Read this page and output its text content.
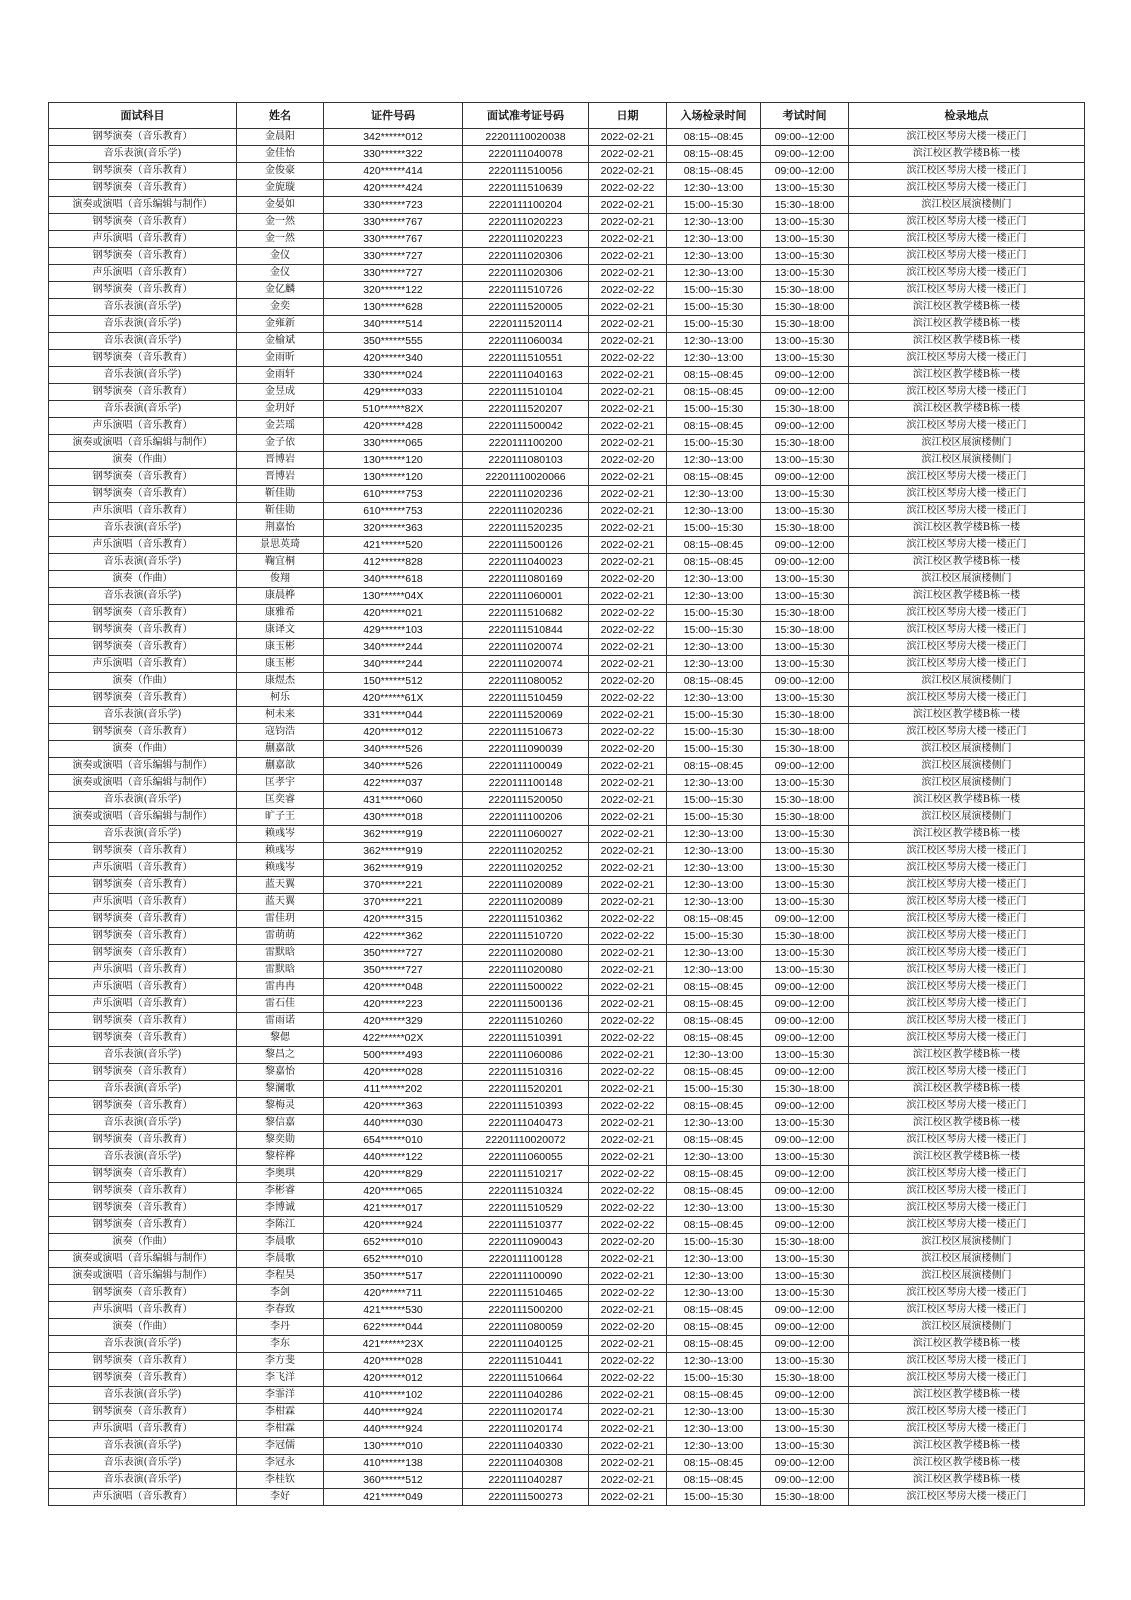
面试科目	姓名	证件号码	面试准考证号码	日期	入场检录时间	考试时间	检录地点
钢琴演奏（音乐教育）	金晨阳	342******012	22201110020038	2022-02-21	08:15--08:45	09:00--12:00	滨江校区琴房大楼一楼正门
音乐表演(音乐学)	金佳怡	330******322	2220111040078	2022-02-21	08:15--08:45	09:00--12:00	滨江校区教学楼B栋一楼
钢琴演奏（音乐教育）	金俊豪	420******414	2220111510056	2022-02-21	08:15--08:45	09:00--12:00	滨江校区琴房大楼一楼正门
钢琴演奏（音乐教育）	金旎璇	420******424	2220111510639	2022-02-22	12:30--13:00	13:00--15:30	滨江校区琴房大楼一楼正门
演奏或演唱（音乐编辑与制作）	金晏如	330******723	2220111100204	2022-02-21	15:00--15:30	15:30--18:00	滨江校区展演楼侧门
钢琴演奏（音乐教育）	金一然	330******767	2220111020223	2022-02-21	12:30--13:00	13:00--15:30	滨江校区琴房大楼一楼正门
声乐演唱（音乐教育）	金一然	330******767	2220111020223	2022-02-21	12:30--13:00	13:00--15:30	滨江校区琴房大楼一楼正门
钢琴演奏（音乐教育）	金仪	330******727	2220111020306	2022-02-21	12:30--13:00	13:00--15:30	滨江校区琴房大楼一楼正门
声乐演唱（音乐教育）	金仪	330******727	2220111020306	2022-02-21	12:30--13:00	13:00--15:30	滨江校区琴房大楼一楼正门
钢琴演奏（音乐教育）	金亿麟	320******122	2220111510726	2022-02-22	15:00--15:30	15:30--18:00	滨江校区琴房大楼一楼正门
音乐表演(音乐学)	金奕	130******628	2220111520005	2022-02-21	15:00--15:30	15:30--18:00	滨江校区教学楼B栋一楼
音乐表演(音乐学)	金雍新	340******514	2220111520114	2022-02-21	15:00--15:30	15:30--18:00	滨江校区教学楼B栋一楼
音乐表演(音乐学)	金榆斌	350******555	2220111060034	2022-02-21	12:30--13:00	13:00--15:30	滨江校区教学楼B栋一楼
钢琴演奏（音乐教育）	金雨昕	420******340	2220111510551	2022-02-22	12:30--13:00	13:00--15:30	滨江校区琴房大楼一楼正门
音乐表演(音乐学)	金雨轩	330******024	2220111040163	2022-02-21	08:15--08:45	09:00--12:00	滨江校区教学楼B栋一楼
钢琴演奏（音乐教育）	金昱成	429******033	2220111510104	2022-02-21	08:15--08:45	09:00--12:00	滨江校区琴房大楼一楼正门
音乐表演(音乐学)	金玥妤	510******82X	2220111520207	2022-02-21	15:00--15:30	15:30--18:00	滨江校区教学楼B栋一楼
声乐演唱（音乐教育）	金芸瑶	420******428	2220111500042	2022-02-21	08:15--08:45	09:00--12:00	滨江校区琴房大楼一楼正门
演奏或演唱（音乐编辑与制作）	金子依	330******065	2220111100200	2022-02-21	15:00--15:30	15:30--18:00	滨江校区展演楼侧门
演奏（作曲）	晋博岩	130******120	2220111080103	2022-02-20	12:30--13:00	13:00--15:30	滨江校区展演楼侧门
钢琴演奏（音乐教育）	晋博岩	130******120	22201110020066	2022-02-21	08:15--08:45	09:00--12:00	滨江校区琴房大楼一楼正门
钢琴演奏（音乐教育）	靳佳勋	610******753	2220111020236	2022-02-21	12:30--13:00	13:00--15:30	滨江校区琴房大楼一楼正门
声乐演唱（音乐教育）	靳佳勋	610******753	2220111020236	2022-02-21	12:30--13:00	13:00--15:30	滨江校区琴房大楼一楼正门
音乐表演(音乐学)	荆嘉怡	320******363	2220111520235	2022-02-21	15:00--15:30	15:30--18:00	滨江校区教学楼B栋一楼
声乐演唱（音乐教育）	景思英琦	421******520	2220111500126	2022-02-21	08:15--08:45	09:00--12:00	滨江校区琴房大楼一楼正门
音乐表演(音乐学)	鞠宜桐	412******828	2220111040023	2022-02-21	08:15--08:45	09:00--12:00	滨江校区教学楼B栋一楼
演奏（作曲）	俊翔	340******618	2220111080169	2022-02-20	12:30--13:00	13:00--15:30	滨江校区展演楼侧门
音乐表演(音乐学)	康晨桦	130******04X	2220111060001	2022-02-21	12:30--13:00	13:00--15:30	滨江校区教学楼B栋一楼
钢琴演奏（音乐教育）	康雅希	420******021	2220111510682	2022-02-22	15:00--15:30	15:30--18:00	滨江校区琴房大楼一楼正门
钢琴演奏（音乐教育）	康译文	429******103	2220111510844	2022-02-22	15:00--15:30	15:30--18:00	滨江校区琴房大楼一楼正门
钢琴演奏（音乐教育）	康玉彬	340******244	2220111020074	2022-02-21	12:30--13:00	13:00--15:30	滨江校区琴房大楼一楼正门
声乐演唱（音乐教育）	康玉彬	340******244	2220111020074	2022-02-21	12:30--13:00	13:00--15:30	滨江校区琴房大楼一楼正门
演奏（作曲）	康煜杰	150******512	2220111080052	2022-02-20	08:15--08:45	09:00--12:00	滨江校区展演楼侧门
钢琴演奏（音乐教育）	柯乐	420******61X	2220111510459	2022-02-22	12:30--13:00	13:00--15:30	滨江校区琴房大楼一楼正门
音乐表演(音乐学)	柯未来	331******044	2220111520069	2022-02-21	15:00--15:30	15:30--18:00	滨江校区教学楼B栋一楼
钢琴演奏（音乐教育）	寇钧浩	420******012	2220111510673	2022-02-22	15:00--15:30	15:30--18:00	滨江校区琴房大楼一楼正门
演奏（作曲）	蒯嘉歆	340******526	2220111090039	2022-02-20	15:00--15:30	15:30--18:00	滨江校区展演楼侧门
演奏或演唱（音乐编辑与制作）	蒯嘉歆	340******526	2220111100049	2022-02-21	08:15--08:45	09:00--12:00	滨江校区展演楼侧门
演奏或演唱（音乐编辑与制作）	匡孝宇	422******037	2220111100148	2022-02-21	12:30--13:00	13:00--15:30	滨江校区展演楼侧门
音乐表演(音乐学)	匡奕睿	431******060	2220111520050	2022-02-21	15:00--15:30	15:30--18:00	滨江校区教学楼B栋一楼
演奏或演唱（音乐编辑与制作）	旷子王	430******018	2220111100206	2022-02-21	15:00--15:30	15:30--18:00	滨江校区展演楼侧门
音乐表演(音乐学)	赖彧岑	362******919	2220111060027	2022-02-21	12:30--13:00	13:00--15:30	滨江校区教学楼B栋一楼
钢琴演奏（音乐教育）	赖彧岑	362******919	2220111020252	2022-02-21	12:30--13:00	13:00--15:30	滨江校区琴房大楼一楼正门
声乐演唱（音乐教育）	赖彧岑	362******919	2220111020252	2022-02-21	12:30--13:00	13:00--15:30	滨江校区琴房大楼一楼正门
钢琴演奏（音乐教育）	蓝天翼	370******221	2220111020089	2022-02-21	12:30--13:00	13:00--15:30	滨江校区琴房大楼一楼正门
声乐演唱（音乐教育）	蓝天翼	370******221	2220111020089	2022-02-21	12:30--13:00	13:00--15:30	滨江校区琴房大楼一楼正门
钢琴演奏（音乐教育）	雷佳玥	420******315	2220111510362	2022-02-22	08:15--08:45	09:00--12:00	滨江校区琴房大楼一楼正门
钢琴演奏（音乐教育）	雷萌萌	422******362	2220111510720	2022-02-22	15:00--15:30	15:30--18:00	滨江校区琴房大楼一楼正门
钢琴演奏（音乐教育）	雷默晗	350******727	2220111020080	2022-02-21	12:30--13:00	13:00--15:30	滨江校区琴房大楼一楼正门
声乐演唱（音乐教育）	雷默晗	350******727	2220111020080	2022-02-21	12:30--13:00	13:00--15:30	滨江校区琴房大楼一楼正门
声乐演唱（音乐教育）	雷冉冉	420******048	2220111500022	2022-02-21	08:15--08:45	09:00--12:00	滨江校区琴房大楼一楼正门
声乐演唱（音乐教育）	雷石佳	420******223	2220111500136	2022-02-21	08:15--08:45	09:00--12:00	滨江校区琴房大楼一楼正门
钢琴演奏（音乐教育）	雷雨诺	420******329	2220111510260	2022-02-22	08:15--08:45	09:00--12:00	滨江校区琴房大楼一楼正门
钢琴演奏（音乐教育）	黎偲	422******02X	2220111510391	2022-02-22	08:15--08:45	09:00--12:00	滨江校区琴房大楼一楼正门
音乐表演(音乐学)	黎昌之	500******493	2220111060086	2022-02-21	12:30--13:00	13:00--15:30	滨江校区教学楼B栋一楼
钢琴演奏（音乐教育）	黎嘉怡	420******028	2220111510316	2022-02-22	08:15--08:45	09:00--12:00	滨江校区琴房大楼一楼正门
音乐表演(音乐学)	黎澜歌	411******202	2220111520201	2022-02-21	15:00--15:30	15:30--18:00	滨江校区教学楼B栋一楼
钢琴演奏（音乐教育）	黎梅灵	420******363	2220111510393	2022-02-22	08:15--08:45	09:00--12:00	滨江校区琴房大楼一楼正门
音乐表演(音乐学)	黎信嘉	440******030	2220111040473	2022-02-21	12:30--13:00	13:00--15:30	滨江校区教学楼B栋一楼
钢琴演奏（音乐教育）	黎奕勋	654******010	22201110020072	2022-02-21	08:15--08:45	09:00--12:00	滨江校区琴房大楼一楼正门
音乐表演(音乐学)	黎梓桦	440******122	2220111060055	2022-02-21	12:30--13:00	13:00--15:30	滨江校区教学楼B栋一楼
钢琴演奏（音乐教育）	李奥琪	420******829	2220111510217	2022-02-22	08:15--08:45	09:00--12:00	滨江校区琴房大楼一楼正门
钢琴演奏（音乐教育）	李彬睿	420******065	2220111510324	2022-02-22	08:15--08:45	09:00--12:00	滨江校区琴房大楼一楼正门
钢琴演奏（音乐教育）	李博诚	421******017	2220111510529	2022-02-22	12:30--13:00	13:00--15:30	滨江校区琴房大楼一楼正门
钢琴演奏（音乐教育）	李陈江	420******924	2220111510377	2022-02-22	08:15--08:45	09:00--12:00	滨江校区琴房大楼一楼正门
演奏（作曲）	李晨歌	652******010	2220111090043	2022-02-20	15:00--15:30	15:30--18:00	滨江校区展演楼侧门
演奏或演唱（音乐编辑与制作）	李晨歌	652******010	2220111100128	2022-02-21	12:30--13:00	13:00--15:30	滨江校区展演楼侧门
演奏或演唱（音乐编辑与制作）	李程昊	350******517	2220111100090	2022-02-21	12:30--13:00	13:00--15:30	滨江校区展演楼侧门
钢琴演奏（音乐教育）	李剑	420******711	2220111510465	2022-02-22	12:30--13:00	13:00--15:30	滨江校区琴房大楼一楼正门
声乐演唱（音乐教育）	李春致	421******530	2220111500200	2022-02-21	08:15--08:45	09:00--12:00	滨江校区琴房大楼一楼正门
演奏（作曲）	李丹	622******044	2220111080059	2022-02-20	08:15--08:45	09:00--12:00	滨江校区展演楼侧门
音乐表演(音乐学)	李东	421******23X	2220111040125	2022-02-21	08:15--08:45	09:00--12:00	滨江校区教学楼B栋一楼
钢琴演奏（音乐教育）	李方斐	420******028	2220111510441	2022-02-22	12:30--13:00	13:00--15:30	滨江校区琴房大楼一楼正门
钢琴演奏（音乐教育）	李飞洋	420******012	2220111510664	2022-02-22	15:00--15:30	15:30--18:00	滨江校区琴房大楼一楼正门
音乐表演(音乐学)	李霏洋	410******102	2220111040286	2022-02-21	08:15--08:45	09:00--12:00	滨江校区教学楼B栋一楼
钢琴演奏（音乐教育）	李柑霖	440******924	2220111020174	2022-02-21	12:30--13:00	13:00--15:30	滨江校区琴房大楼一楼正门
声乐演唱（音乐教育）	李柑霖	440******924	2220111020174	2022-02-21	12:30--13:00	13:00--15:30	滨江校区琴房大楼一楼正门
音乐表演(音乐学)	李冠儒	130******010	2220111040330	2022-02-21	12:30--13:00	13:00--15:30	滨江校区教学楼B栋一楼
音乐表演(音乐学)	李冠永	410******138	2220111040308	2022-02-21	08:15--08:45	09:00--12:00	滨江校区教学楼B栋一楼
音乐表演(音乐学)	李桂钦	360******512	2220111040287	2022-02-21	08:15--08:45	09:00--12:00	滨江校区教学楼B栋一楼
声乐演唱（音乐教育）	李好	421******049	2220111500273	2022-02-21	15:00--15:30	15:30--18:00	滨江校区琴房大楼一楼正门
